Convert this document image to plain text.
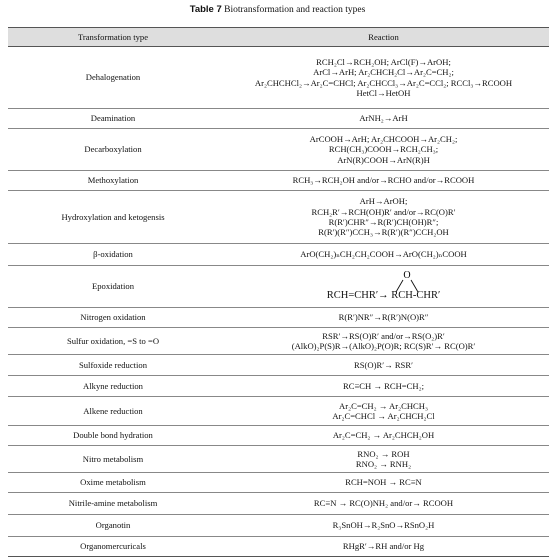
Table 7 Biotransformation and reaction types
Transformation type	Reaction
Dehalogenation	RCH₂Cl→RCH₂OH; ArCl(F)→ArOH;
ArCl→ArH; Ar₂CHCH₂Cl→Ar₂C=CH₂;
Ar₂CHCHCl₂→Ar₂C=CHCl; Ar₂CHCCl₃→Ar₂C=CCl₂; RCCl₃→RCOOH
HetCl→HetOH

Deamination	ArNH₂→ArH

Decarboxylation	ArCOOH→ArH; Ar₂CHCOOH→Ar₂CH₂;
RCH(CH₃)COOH→RCH₂CH₃;
ArN(R)COOH→ArN(R)H

Methoxylation	RCH₃→RCH₂OH and/or→RCHO and/or→RCOOH

Hydroxylation and ketogensis	ArH→ArOH;
RCH₂R′→RCH(OH)R′ and/or→RC(O)R′
R(R′)CHR″→R(R′)CH(OH)R″;
R(R′)(R″)CCH₃→R(R′)(R″)CCH₂OH

β-oxidation	ArO(CH₂)ₙCH₂CH₂COOH→ArO(CH₂)ₙCOOH

Epoxidation	O
RCH=CHR′→ RCH-CHR′

Nitrogen oxidation	R(R′)NR″→R(R′)N(O)R″

Sulfur oxidation, =S to =O	RSR′→RS(O)R′ and/or→RS(O₂)R′
(AlkO)₂P(S)R→(AlkO)₂P(O)R; RC(S)R′→ RC(O)R′

Sulfoxide reduction	RS(O)R′→ RSR′

Alkyne reduction	RC≡CH → RCH=CH₂;

Alkene reduction	Ar₂C=CH₂ → Ar₂CHCH₃
Ar₂C=CHCl → Ar₂CHCH₂Cl

Double bond hydration	Ar₂C=CH₂ → Ar₂CHCH₂OH

Nitro metabolism	RNO₂ → ROH
RNO₂ → RNH₂

Oxime metabolism	RCH=NOH → RC≡N

Nitrile-amine metabolism	RC≡N → RC(O)NH₂ and/or→ RCOOH

Organotin	R₃SnOH→R₂SnO→RSnO₂H

Organomercuricals	RHgR′→RH and/or Hg
